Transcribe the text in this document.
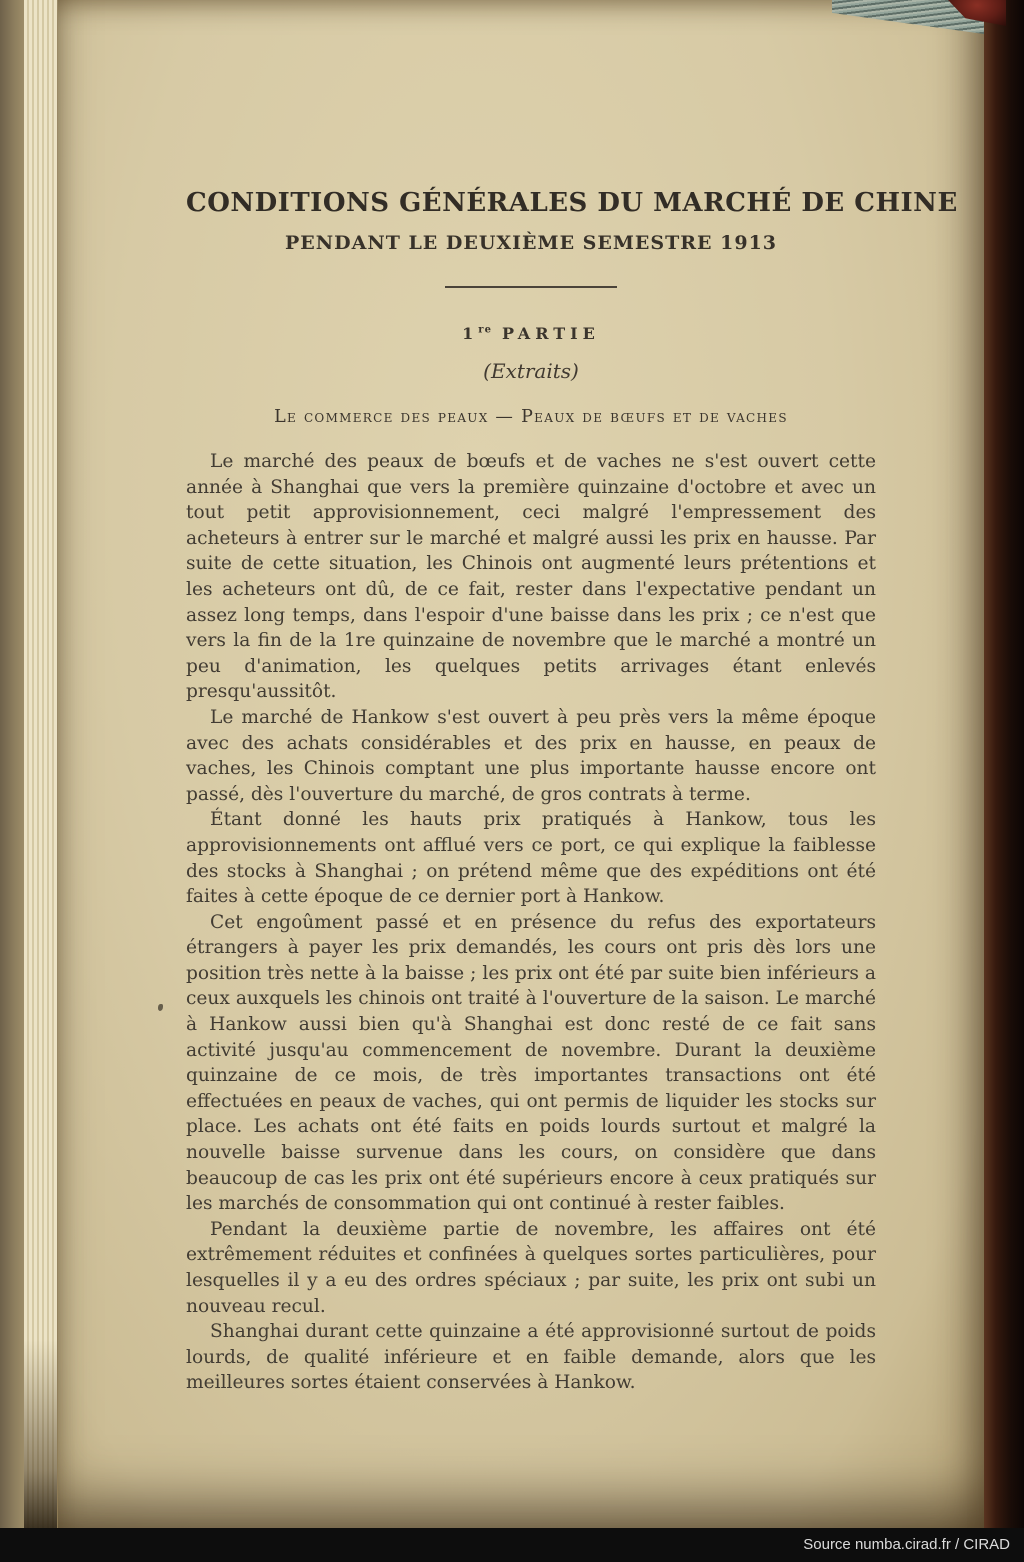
CONDITIONS GÉNÉRALES DU MARCHÉ DE CHINE
PENDANT LE DEUXIÈME SEMESTRE 1913
1re PARTIE
(Extraits)
Le commerce des peaux — Peaux de bœufs et de vaches

Le marché des peaux de bœufs et de vaches ne s'est ouvert cette année à Shanghai que vers la première quinzaine d'octobre et avec un tout petit approvisionnement, ceci malgré l'empressement des acheteurs à entrer sur le marché et malgré aussi les prix en hausse. Par suite de cette situation, les Chinois ont augmenté leurs prétentions et les acheteurs ont dû, de ce fait, rester dans l'expectative pendant un assez long temps, dans l'espoir d'une baisse dans les prix ; ce n'est que vers la fin de la 1re quinzaine de novembre que le marché a montré un peu d'animation, les quelques petits arrivages étant enlevés presqu'aussitôt.

Le marché de Hankow s'est ouvert à peu près vers la même époque avec des achats considérables et des prix en hausse, en peaux de vaches, les Chinois comptant une plus importante hausse encore ont passé, dès l'ouverture du marché, de gros contrats à terme.

Étant donné les hauts prix pratiqués à Hankow, tous les approvisionnements ont afflué vers ce port, ce qui explique la faiblesse des stocks à Shanghai ; on prétend même que des expéditions ont été faites à cette époque de ce dernier port à Hankow.

Cet engoûment passé et en présence du refus des exportateurs étrangers à payer les prix demandés, les cours ont pris dès lors une position très nette à la baisse ; les prix ont été par suite bien inférieurs a ceux auxquels les chinois ont traité à l'ouverture de la saison. Le marché à Hankow aussi bien qu'à Shanghai est donc resté de ce fait sans activité jusqu'au commencement de novembre. Durant la deuxième quinzaine de ce mois, de très importantes transactions ont été effectuées en peaux de vaches, qui ont permis de liquider les stocks sur place. Les achats ont été faits en poids lourds surtout et malgré la nouvelle baisse survenue dans les cours, on considère que dans beaucoup de cas les prix ont été supérieurs encore à ceux pratiqués sur les marchés de consommation qui ont continué à rester faibles.

Pendant la deuxième partie de novembre, les affaires ont été extrêmement réduites et confinées à quelques sortes particulières, pour lesquelles il y a eu des ordres spéciaux ; par suite, les prix ont subi un nouveau recul.

Shanghai durant cette quinzaine a été approvisionné surtout de poids lourds, de qualité inférieure et en faible demande, alors que les meilleures sortes étaient conservées à Hankow.

Source numba.cirad.fr / CIRAD
